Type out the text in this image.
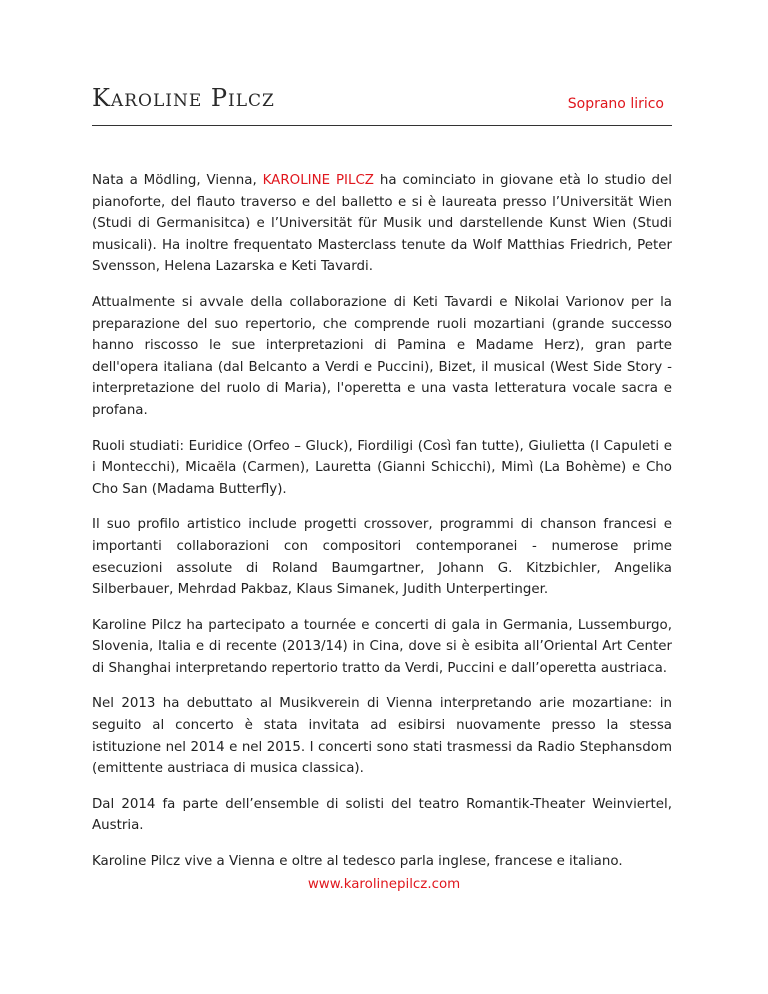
Karoline Pilcz	Soprano lirico

Nata a Mödling, Vienna, KAROLINE PILCZ ha cominciato in giovane età lo studio del pianoforte, del flauto traverso e del balletto e si è laureata presso l’Universität Wien (Studi di Germanisitca) e l’Universität für Musik und darstellende Kunst Wien (Studi musicali). Ha inoltre frequentato Masterclass tenute da Wolf Matthias Friedrich, Peter Svensson, Helena Lazarska e Keti Tavardi.

Attualmente si avvale della collaborazione di Keti Tavardi e Nikolai Varionov per la preparazione del suo repertorio, che comprende ruoli mozartiani (grande successo hanno riscosso le sue interpretazioni di Pamina e Madame Herz), gran parte dell'opera italiana (dal Belcanto a Verdi e Puccini), Bizet, il musical (West Side Story - interpretazione del ruolo di Maria), l'operetta e una vasta letteratura vocale sacra e profana.

Ruoli studiati: Euridice (Orfeo – Gluck), Fiordiligi (Così fan tutte), Giulietta (I Capuleti e i Montecchi), Micaëla (Carmen), Lauretta (Gianni Schicchi), Mimì (La Bohème) e Cho Cho San (Madama Butterfly).

Il suo profilo artistico include progetti crossover, programmi di chanson francesi e importanti collaborazioni con compositori contemporanei - numerose prime esecuzioni assolute di Roland Baumgartner, Johann G. Kitzbichler, Angelika Silberbauer, Mehrdad Pakbaz, Klaus Simanek, Judith Unterpertinger.

Karoline Pilcz ha partecipato a tournée e concerti di gala in Germania, Lussemburgo, Slovenia, Italia e di recente (2013/14) in Cina, dove si è esibita all’Oriental Art Center di Shanghai interpretando repertorio tratto da Verdi, Puccini e dall’operetta austriaca.

Nel 2013 ha debuttato al Musikverein di Vienna interpretando arie mozartiane: in seguito al concerto è stata invitata ad esibirsi nuovamente presso la stessa istituzione nel 2014 e nel 2015. I concerti sono stati trasmessi da Radio Stephansdom (emittente austriaca di musica classica).

Dal 2014 fa parte dell’ensemble di solisti del teatro Romantik-Theater Weinviertel, Austria.

Karoline Pilcz vive a Vienna e oltre al tedesco parla inglese, francese e italiano.

www.karolinepilcz.com
